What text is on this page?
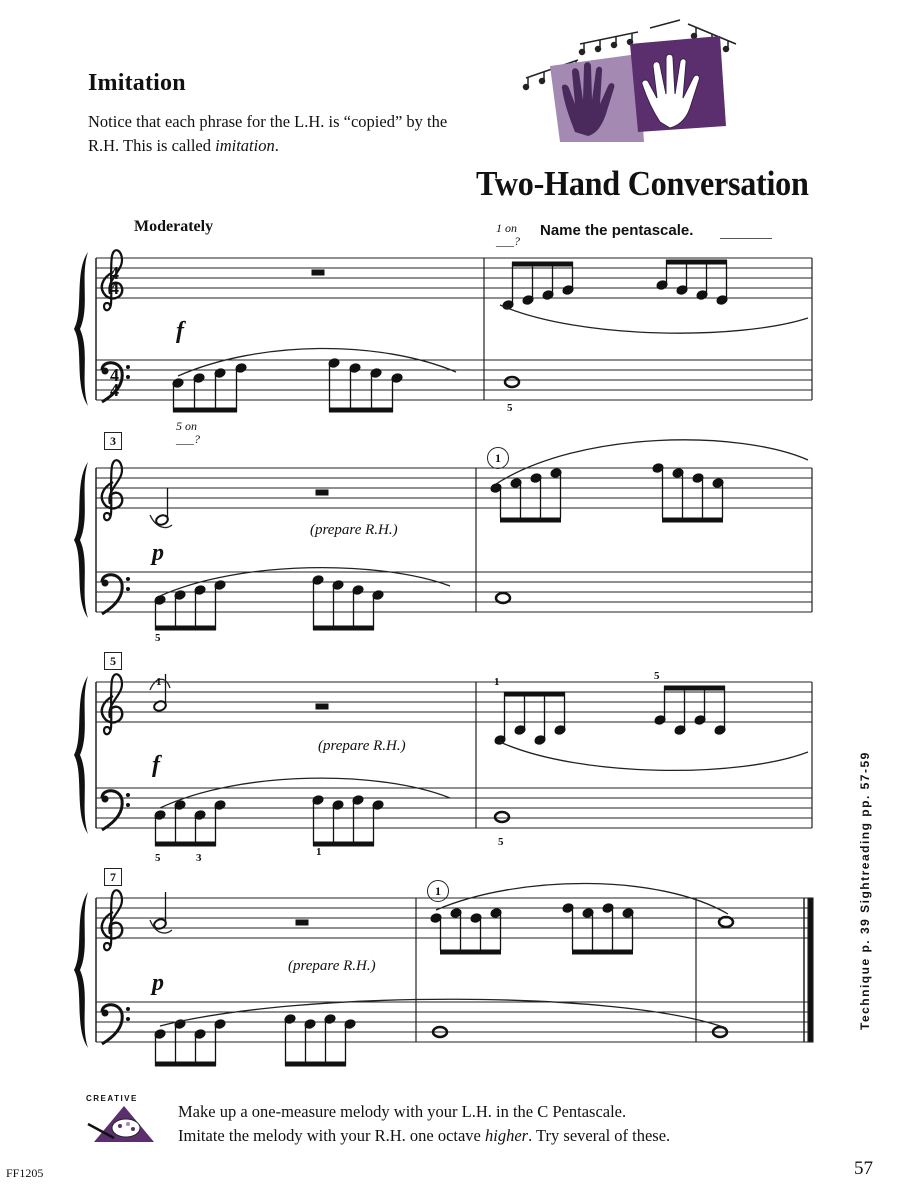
Imitation
Notice that each phrase for the L.H. is “copied” by the R.H. This is called imitation.
Two-Hand Conversation
Moderately	1 on
___?
Name the pentascale.
4
4
4
4
3
5
7
f
p
f
p
(prepare R.H.)
(prepare R.H.)
(prepare R.H.)
5 on
___?
1
1
5
5
1	1	5
5	3	1
5	Technique p. 39 Sightreading pp. 57-59
CREATIVE
Make up a one-measure melody with your L.H. in the C Pentascale.
Imitate the melody with your R.H. one octave higher. Try several of these.
FF1205	57
